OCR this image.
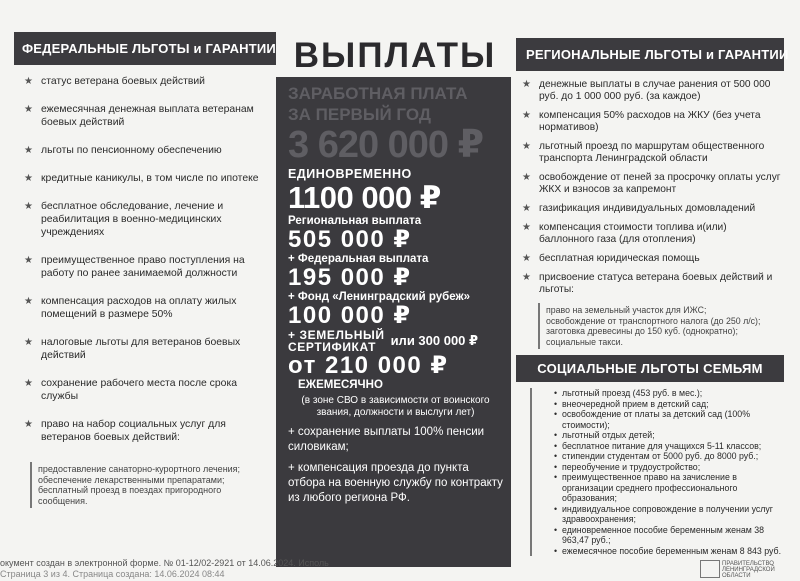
ФЕДЕРАЛЬНЫЕ ЛЬГОТЫ и ГАРАНТИИ
★ статус ветерана боевых действий
★ ежемесячная денежная выплата ветеранам боевых действий
★ льготы по пенсионному обеспечению
★ кредитные каникулы, в том числе по ипотеке
★ бесплатное обследование, лечение и реабилитация в военно-медицинских учреждениях
★ преимущественное право поступления на работу по ранее занимаемой должности
★ компенсация расходов на оплату жилых помещений в размере 50%
★ налоговые льготы для ветеранов боевых действий
★ сохранение рабочего места после срока службы
★ право на набор социальных услуг для ветеранов боевых действий:
предоставление санаторно-курортного лечения;
обеспечение лекарственными препаратами;
бесплатный проезд в поездах пригородного
сообщения.
ВЫПЛАТЫ
ЗАРАБОТНАЯ ПЛАТА
ЗА ПЕРВЫЙ ГОД
3 620 000 ₽
ЕДИНОВРЕМЕННО
1100 000 ₽
Региональная выплата
505 000 ₽
+ Федеральная выплата
195 000 ₽
+ Фонд «Ленинградский рубеж»
100 000 ₽
+ ЗЕМЕЛЬНЫЙ
СЕРТИФИКАТ	или 300 000 ₽
от 210 000 ₽
ЕЖЕМЕСЯЧНО
(в зоне СВО в зависимости от воинского звания, должности и выслуги лет)
+ сохранение выплаты 100% пенсии силовикам;
+ компенсация проезда до пункта отбора на военную службу по контракту из любого региона РФ.
РЕГИОНАЛЬНЫЕ ЛЬГОТЫ и ГАРАНТИИ
★ денежные выплаты в случае ранения от 500 000 руб. до 1 000 000 руб. (за каждое)
★ компенсация 50% расходов на ЖКУ (без учета нормативов)
★ льготный проезд по маршрутам общественного транспорта Ленинградской области
★ освобождение от пеней за просрочку оплаты услуг ЖКХ и взносов за капремонт
★ газификация индивидуальных домовладений
★ компенсация стоимости топлива и(или) баллонного газа (для отопления)
★ бесплатная юридическая помощь
★ присвоение статуса ветерана боевых действий и льготы:
право на земельный участок для ИЖС;
освобождение от транспортного налога (до 250 л/с);
заготовка древесины до 150 куб. (однократно);
социальные такси.
СОЦИАЛЬНЫЕ ЛЬГОТЫ СЕМЬЯМ
• льготный проезд (453 руб. в мес.);
• внеочередной прием в детский сад;
• освобождение от платы за детский сад (100% стоимости);
• льготный отдых детей;
• бесплатное питание для учащихся 5-11 классов;
• стипендии студентам от 5000 руб. до 8000 руб.;
• переобучение и трудоустройство;
• преимущественное право на зачисление в организации среднего профессионального образования;
• индивидуальное сопровождение в получении услуг здравоохранения;
• единовременное пособие беременным женам 38 963,47 руб.;
• ежемесячное пособие беременным женам 8 843 руб.
окумент создан в электронной форме. № 01-12/02-2921 от 14.06.2024. Исполь
Страница 3 из 4. Страница создана: 14.06.2024 08:44
ПРАВИТЕЛЬСТВО ЛЕНИНГРАДСКОЙ ОБЛАСТИ
